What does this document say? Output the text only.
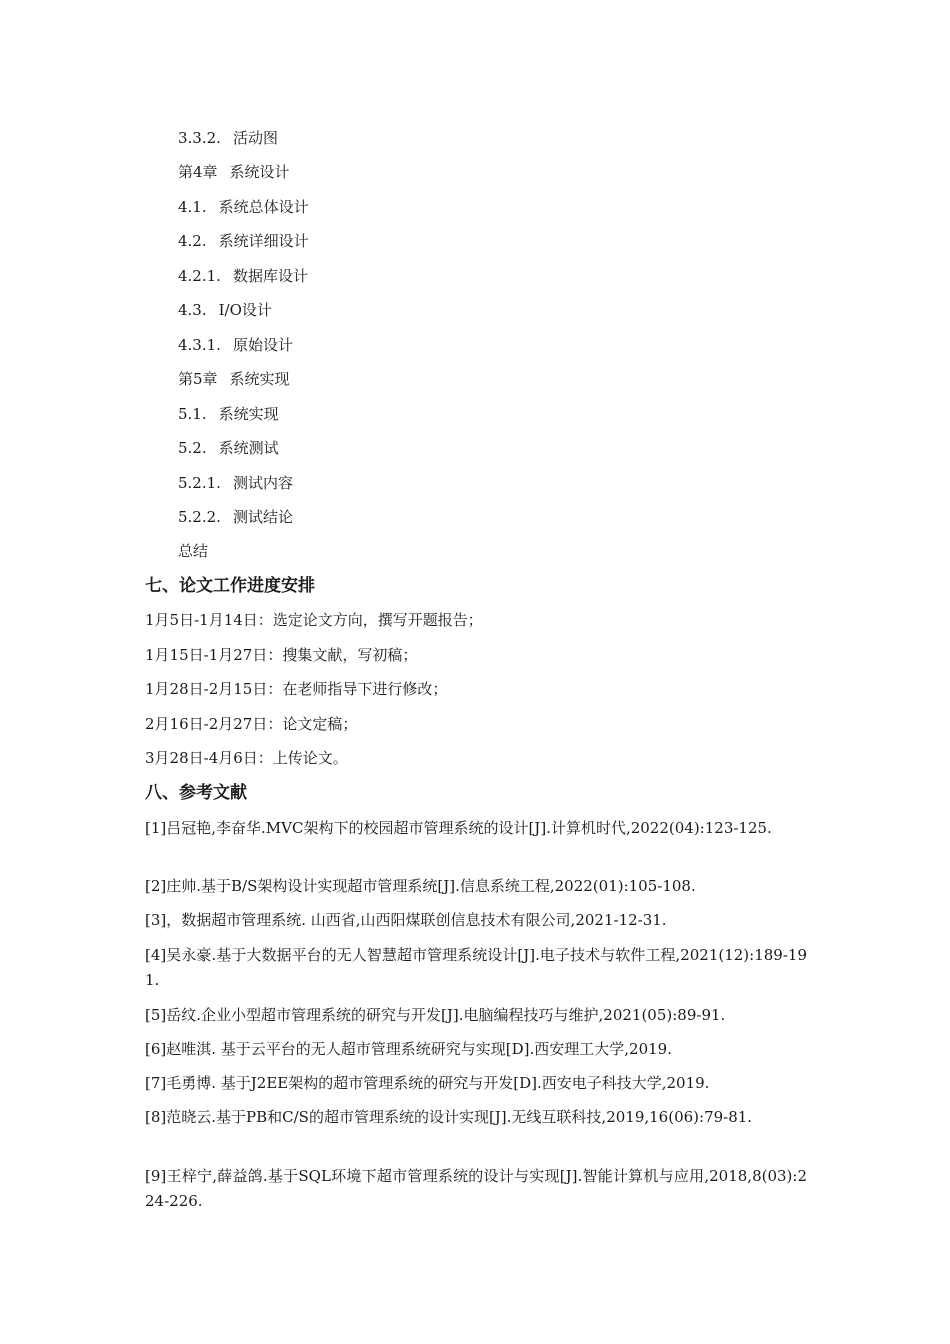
3.3.2. 活动图
第4章 系统设计
4.1. 系统总体设计
4.2. 系统详细设计
4.2.1. 数据库设计
4.3. I/O设计
4.3.1. 原始设计
第5章 系统实现
5.1. 系统实现
5.2. 系统测试
5.2.1. 测试内容
5.2.2. 测试结论
总结
七、论文工作进度安排
1月5日-1月14日：选定论文方向，撰写开题报告；
1月15日-1月27日：搜集文献，写初稿；
1月28日-2月15日：在老师指导下进行修改；
2月16日-2月27日：论文定稿；
3月28日-4月6日：上传论文。
八、参考文献
[1]吕冠艳,李奋华.MVC架构下的校园超市管理系统的设计[J].计算机时代,2022(04):123-125.
[2]庄帅.基于B/S架构设计实现超市管理系统[J].信息系统工程,2022(01):105-108.
[3]，数据超市管理系统. 山西省,山西阳煤联创信息技术有限公司,2021-12-31.
[4]吴永豪.基于大数据平台的无人智慧超市管理系统设计[J].电子技术与软件工程,2021(12):189-191.
[5]岳纹.企业小型超市管理系统的研究与开发[J].电脑编程技巧与维护,2021(05):89-91.
[6]赵唯淇. 基于云平台的无人超市管理系统研究与实现[D].西安理工大学,2019.
[7]毛勇博. 基于J2EE架构的超市管理系统的研究与开发[D].西安电子科技大学,2019.
[8]范晓云.基于PB和C/S的超市管理系统的设计实现[J].无线互联科技,2019,16(06):79-81.
[9]王梓宁,薛益鸽.基于SQL环境下超市管理系统的设计与实现[J].智能计算机与应用,2018,8(03):224-226.
